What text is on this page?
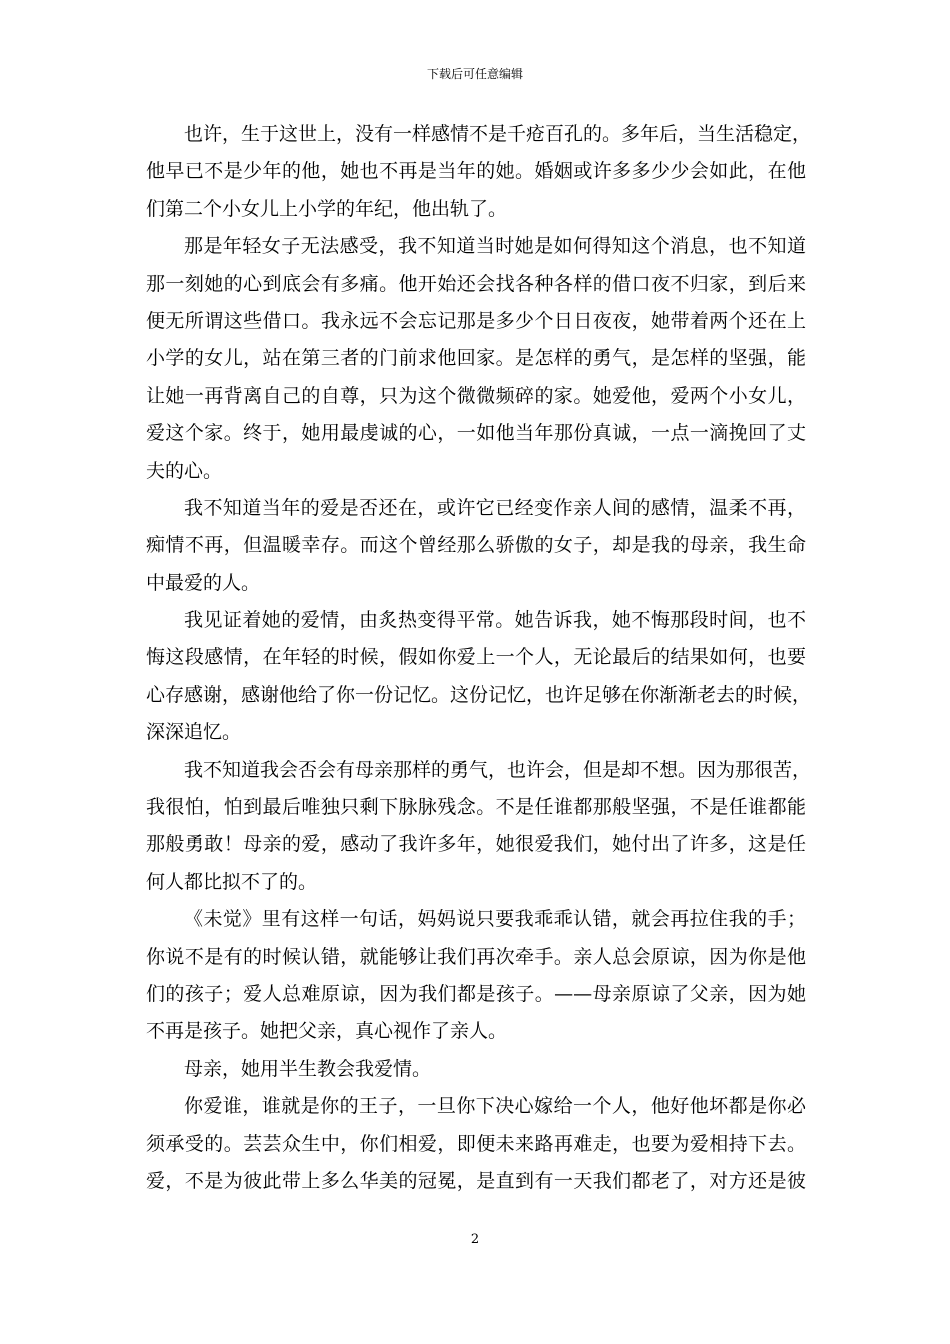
下载后可任意编辑
也许，生于这世上，没有一样感情不是千疮百孔的。多年后，当生活稳定，
他早已不是少年的他，她也不再是当年的她。婚姻或许多多少少会如此，在他
们第二个小女儿上小学的年纪，他出轨了。
那是年轻女子无法感受，我不知道当时她是如何得知这个消息，也不知道
那一刻她的心到底会有多痛。他开始还会找各种各样的借口夜不归家，到后来
便无所谓这些借口。我永远不会忘记那是多少个日日夜夜，她带着两个还在上
小学的女儿，站在第三者的门前求他回家。是怎样的勇气，是怎样的坚强，能
让她一再背离自己的自尊，只为这个微微频碎的家。她爱他，爱两个小女儿，
爱这个家。终于，她用最虔诚的心，一如他当年那份真诚，一点一滴挽回了丈
夫的心。
我不知道当年的爱是否还在，或许它已经变作亲人间的感情，温柔不再，
痴情不再，但温暖幸存。而这个曾经那么骄傲的女子，却是我的母亲，我生命
中最爱的人。
我见证着她的爱情，由炙热变得平常。她告诉我，她不悔那段时间，也不
悔这段感情，在年轻的时候，假如你爱上一个人，无论最后的结果如何，也要
心存感谢，感谢他给了你一份记忆。这份记忆，也许足够在你渐渐老去的时候，
深深追忆。
我不知道我会否会有母亲那样的勇气，也许会，但是却不想。因为那很苦，
我很怕，怕到最后唯独只剩下脉脉残念。不是任谁都那般坚强，不是任谁都能
那般勇敢！母亲的爱，感动了我许多年，她很爱我们，她付出了许多，这是任
何人都比拟不了的。
《未觉》里有这样一句话，妈妈说只要我乖乖认错，就会再拉住我的手；
你说不是有的时候认错，就能够让我们再次牵手。亲人总会原谅，因为你是他
们的孩子；爱人总难原谅，因为我们都是孩子。——母亲原谅了父亲，因为她
不再是孩子。她把父亲，真心视作了亲人。
母亲，她用半生教会我爱情。
你爱谁，谁就是你的王子，一旦你下决心嫁给一个人，他好他坏都是你必
须承受的。芸芸众生中，你们相爱，即便未来路再难走，也要为爱相持下去。
爱，不是为彼此带上多么华美的冠冕，是直到有一天我们都老了，对方还是彼
2
